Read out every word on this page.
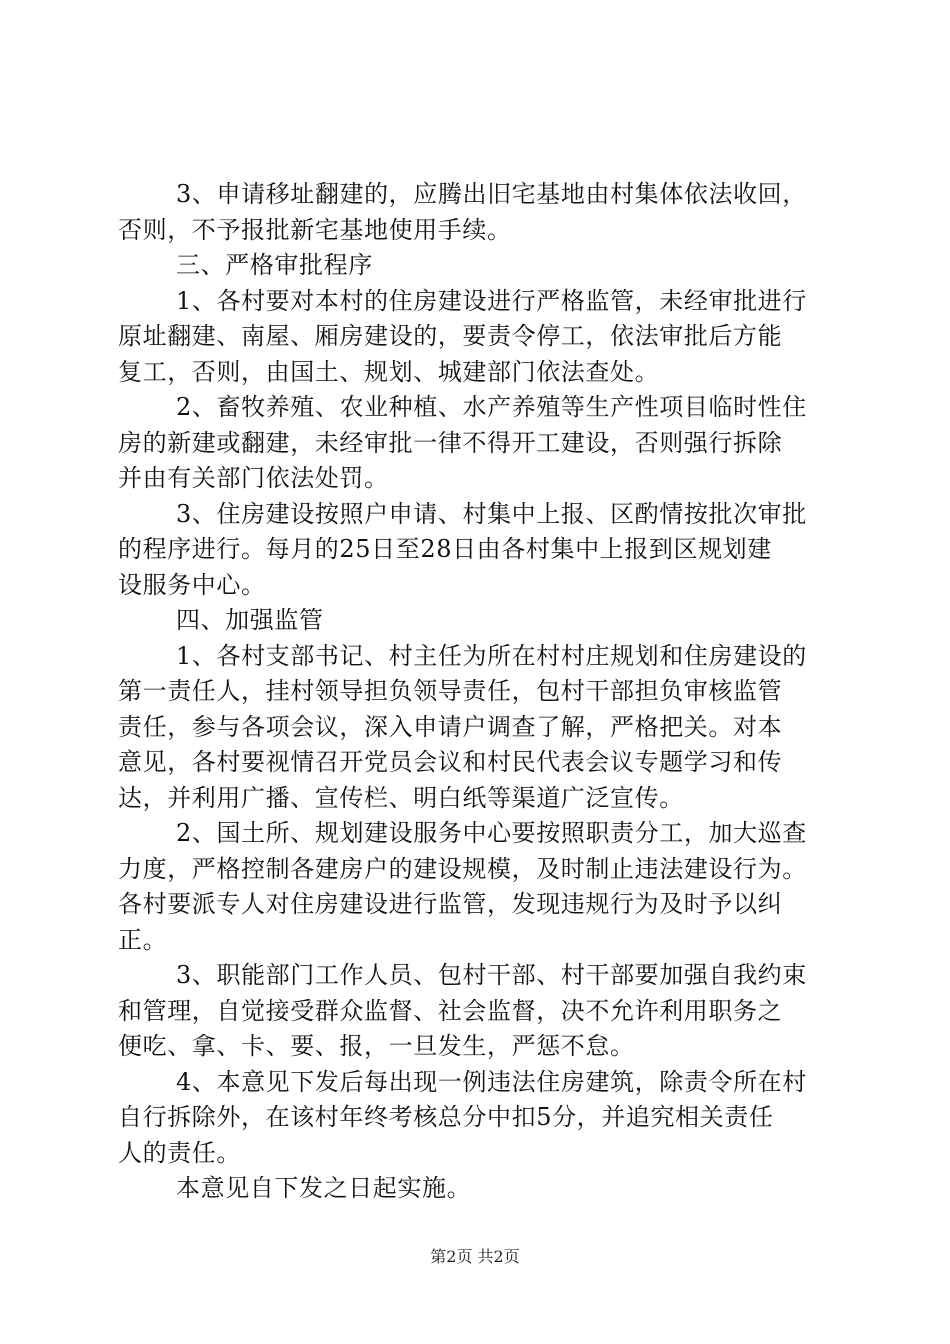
3、申请移址翻建的，应腾出旧宅基地由村集体依法收回，
否则，不予报批新宅基地使用手续。
三、严格审批程序
1、各村要对本村的住房建设进行严格监管，未经审批进行
原址翻建、南屋、厢房建设的，要责令停工，依法审批后方能
复工，否则，由国土、规划、城建部门依法查处。
2、畜牧养殖、农业种植、水产养殖等生产性项目临时性住
房的新建或翻建，未经审批一律不得开工建设，否则强行拆除
并由有关部门依法处罚。
3、住房建设按照户申请、村集中上报、区酌情按批次审批
的程序进行。每月的25日至28日由各村集中上报到区规划建
设服务中心。
四、加强监管
1、各村支部书记、村主任为所在村村庄规划和住房建设的
第一责任人，挂村领导担负领导责任，包村干部担负审核监管
责任，参与各项会议，深入申请户调查了解，严格把关。对本
意见，各村要视情召开党员会议和村民代表会议专题学习和传
达，并利用广播、宣传栏、明白纸等渠道广泛宣传。
2、国土所、规划建设服务中心要按照职责分工，加大巡查
力度，严格控制各建房户的建设规模，及时制止违法建设行为。
各村要派专人对住房建设进行监管，发现违规行为及时予以纠
正。
3、职能部门工作人员、包村干部、村干部要加强自我约束
和管理，自觉接受群众监督、社会监督，决不允许利用职务之
便吃、拿、卡、要、报，一旦发生，严惩不怠。
4、本意见下发后每出现一例违法住房建筑，除责令所在村
自行拆除外，在该村年终考核总分中扣5分，并追究相关责任
人的责任。
本意见自下发之日起实施。
第2页 共2页
